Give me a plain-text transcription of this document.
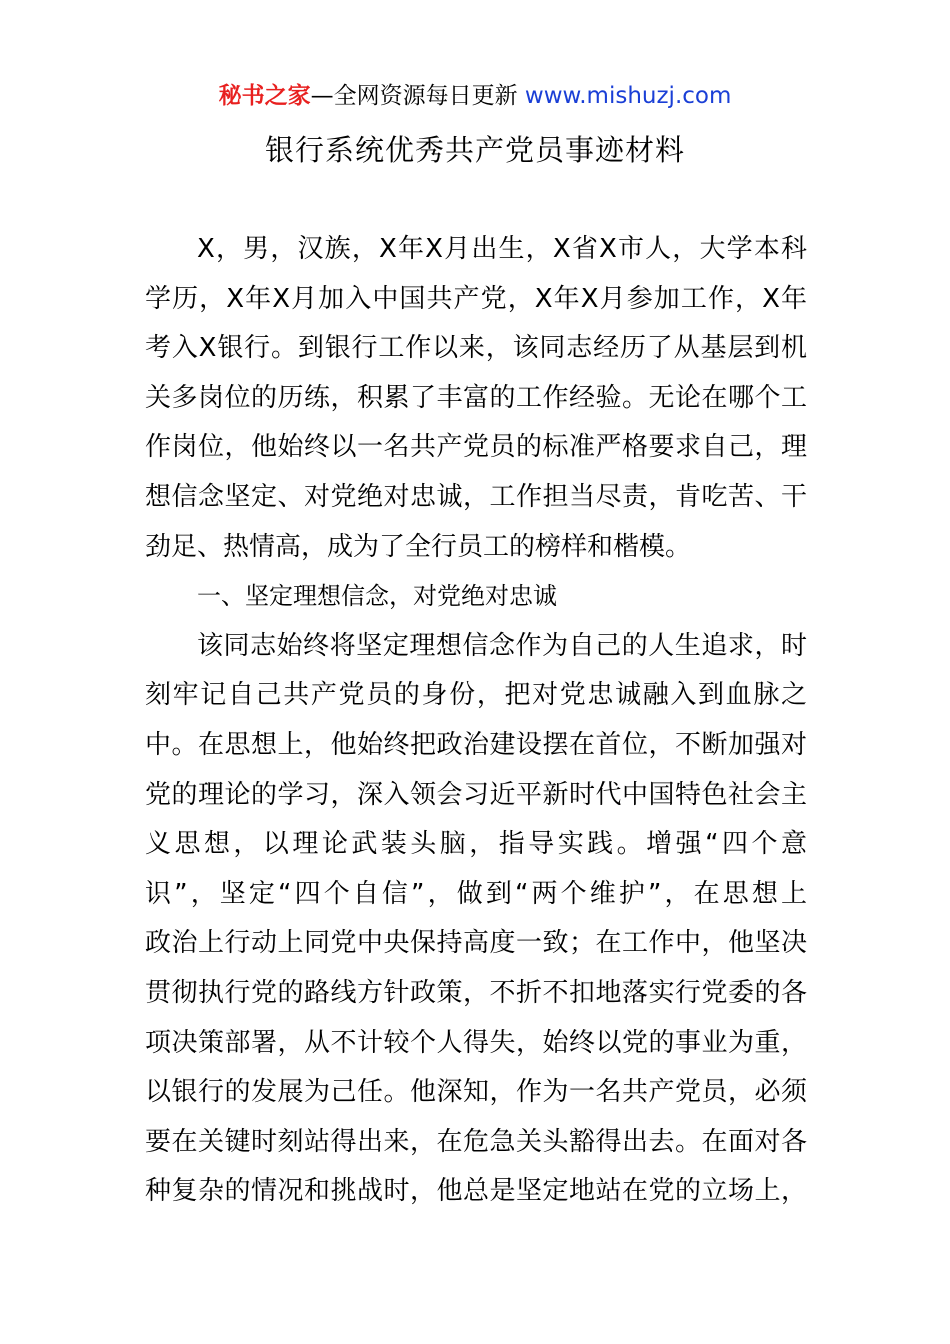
秘书之家—全网资源每日更新 www.mishuzj.com
银行系统优秀共产党员事迹材料
X，男，汉族，X年X月出生，X省X市人，大学本科
学历，X年X月加入中国共产党，X年X月参加工作，X年
考入X银行。到银行工作以来，该同志经历了从基层到机
关多岗位的历练，积累了丰富的工作经验。无论在哪个工
作岗位，他始终以一名共产党员的标准严格要求自己，理
想信念坚定、对党绝对忠诚，工作担当尽责，肯吃苦、干
劲足、热情高，成为了全行员工的榜样和楷模。
一、坚定理想信念，对党绝对忠诚
该同志始终将坚定理想信念作为自己的人生追求，时
刻牢记自己共产党员的身份，把对党忠诚融入到血脉之
中。在思想上，他始终把政治建设摆在首位，不断加强对
党的理论的学习，深入领会习近平新时代中国特色社会主
义思想，以理论武装头脑，指导实践。增强“四个意
识”，坚定“四个自信”，做到“两个维护”，在思想上
政治上行动上同党中央保持高度一致；在工作中，他坚决
贯彻执行党的路线方针政策，不折不扣地落实行党委的各
项决策部署，从不计较个人得失，始终以党的事业为重，
以银行的发展为己任。他深知，作为一名共产党员，必须
要在关键时刻站得出来，在危急关头豁得出去。在面对各
种复杂的情况和挑战时，他总是坚定地站在党的立场上，
